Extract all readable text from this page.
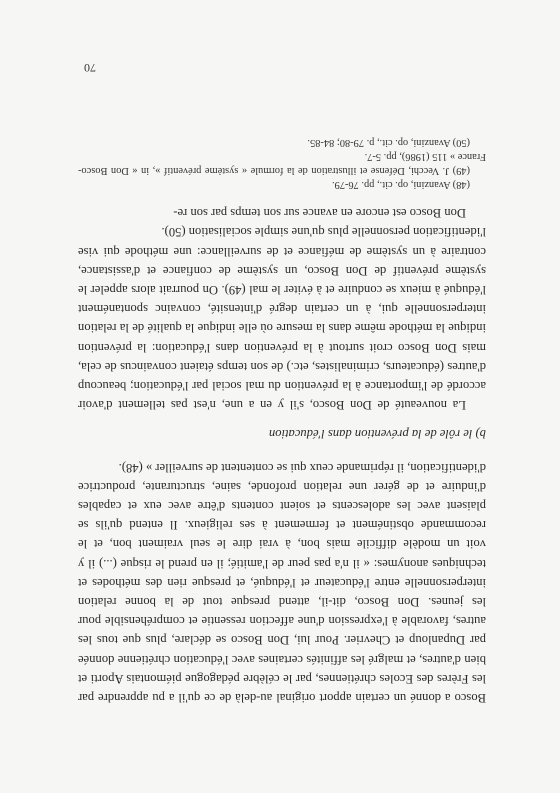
Bosco a donné un certain apport original au-delà de ce qu'il a pu apprendre par les Frères des Ecoles chrétiennes, par le célèbre pédagogue piémontais Aporti et bien d'autres, et malgré les affinités certaines avec l'éducation chrétienne donnée par Dupanloup et Chevrier. Pour lui, Don Bosco se déclare, plus que tous les autres, favorable à l'expression d'une affection ressentie et compréhensible pour les jeunes. Don Bosco, dit-il, attend presque tout de la bonne relation interpersonnelle entre l'éducateur et l'éduqué, et presque rien des méthodes et techniques anonymes: « il n'a pas peur de l'amitié; il en prend le risque (...) il y voit un modèle difficile mais bon, à vrai dire le seul vraiment bon, et le recommande obstinément et fermement à ses religieux. Il entend qu'ils se plaisent avec les adolescents et soient contents d'être avec eux et capables d'induire et de gérer une relation profonde, saine, structurante, productrice d'identification, il réprimande ceux qui se contentent de surveiller » (48).

b) le rôle de la prévention dans l'éducation

La nouveauté de Don Bosco, s'il y en a une, n'est pas tellement d'avoir accordé de l'importance à la prévention du mal social par l'éducation; beaucoup d'autres (éducateurs, criminalistes, etc.) de son temps étaient convaincus de cela, mais Don Bosco croit surtout à la prévention dans l'éducation: la prévention indique la méthode même dans la mesure où elle indique la qualité de la relation interpersonnelle qui, à un certain degré d'intensité, convainc spontanément l'éduqué à mieux se conduire et à éviter le mal (49). On pourrait alors appeler le système préventif de Don Bosco, un système de confiance et d'assistance, contraire à un système de méfiance et de surveillance: une méthode qui vise l'identification personnelle plus qu'une simple socialisation (50).

Don Bosco est encore en avance sur son temps par son re-

(48) Avanzini, op. cit., pp. 76-79.

(49) J. Vecchi, Défense et illustration de la formule « système préventif », in « Don Bosco-France » 115 (1986), pp. 5-7.

(50) Avanzini, op. cit., p. 79-80; 84-85.

70
